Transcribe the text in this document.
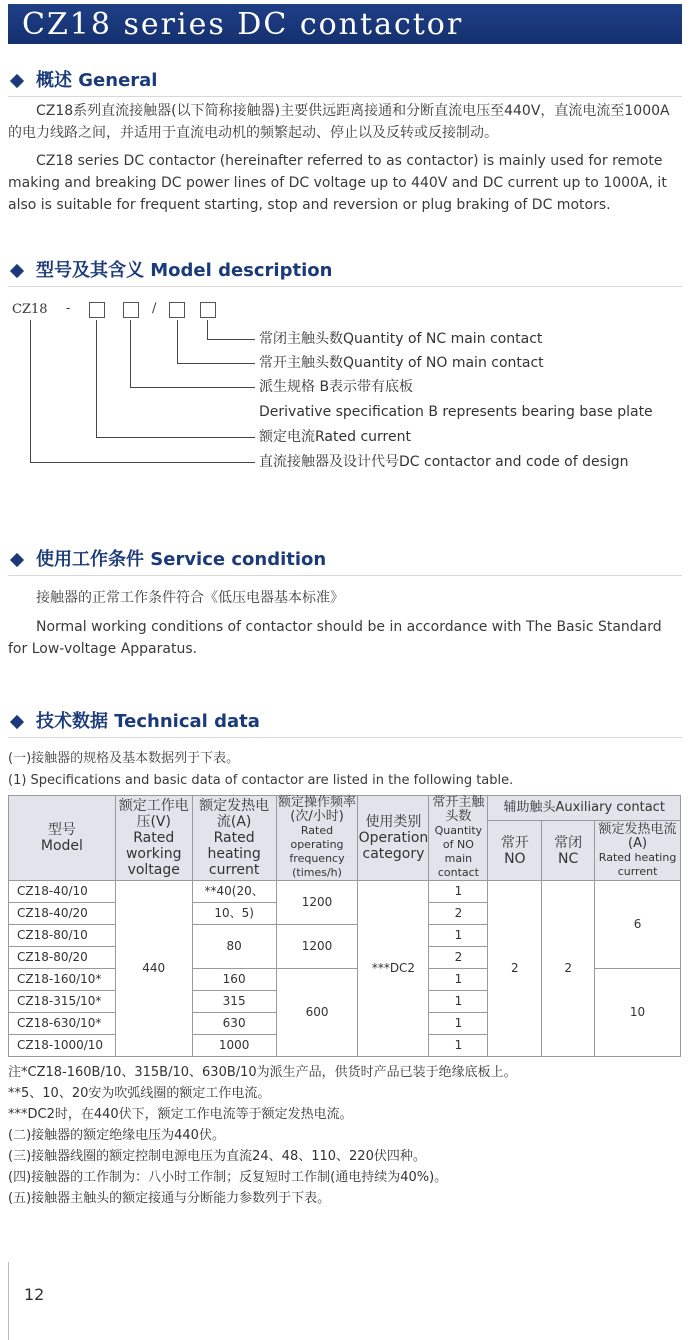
CZ18 series DC contactor
概述 General

CZ18系列直流接触器(以下简称接触器)主要供远距离接通和分断直流电压至440V，直流电流至1000A的电力线路之间，并适用于直流电动机的频繁起动、停止以及反转或反接制动。

CZ18 series DC contactor (hereinafter referred to as contactor) is mainly used for remote making and breaking DC power lines of DC voltage up to 440V and DC current up to 1000A, it also is suitable for frequent starting, stop and reversion or plug braking of DC motors.

型号及其含义 Model description
CZ18 -	/
常闭主触头数Quantity of NC main contact
常开主触头数Quantity of NO main contact
派生规格 B表示带有底板
Derivative specification B represents bearing base plate
额定电流Rated current
直流接触器及设计代号DC contactor and code of design
使用工作条件 Service condition

接触器的正常工作条件符合《低压电器基本标准》

Normal working conditions of contactor should be in accordance with The Basic Standard for Low-voltage Apparatus.

技术数据 Technical data

(一)接触器的规格及基本数据列于下表。

(1) Specifications and basic data of contactor are listed in the following table.

型号
Model	额定工作电压(V)
Rated working voltage	额定发热电流(A)
Rated heating current	额定操作频率(次/小时)
Rated operating frequency (times/h)	使用类别
Operation category	常开主触头数
Quantity of NO main contact	辅助触头Auxiliary contact		

						常开
NO	常闭
NC	额定发热电流(A)
Rated heating current

CZ18-40/10	440	**40(20、	1200	***DC2	1	2	2	6
CZ18-40/20		10、5)			2			
CZ18-80/10		80	1200		1			
CZ18-80/20					2			
CZ18-160/10*		160	600		1			10
CZ18-315/10*		315			1			
CZ18-630/10*		630			1			
CZ18-1000/10		1000			1			
注*CZ18-160B/10、315B/10、630B/10为派生产品，供货时产品已装于绝缘底板上。
**5、10、20安为吹弧线圈的额定工作电流。
***DC2时，在440伏下，额定工作电流等于额定发热电流。
(二)接触器的额定绝缘电压为440伏。
(三)接触器线圈的额定控制电源电压为直流24、48、110、220伏四种。
(四)接触器的工作制为：八小时工作制；反复短时工作制(通电持续为40%)。
(五)接触器主触头的额定接通与分断能力参数列于下表。
12
